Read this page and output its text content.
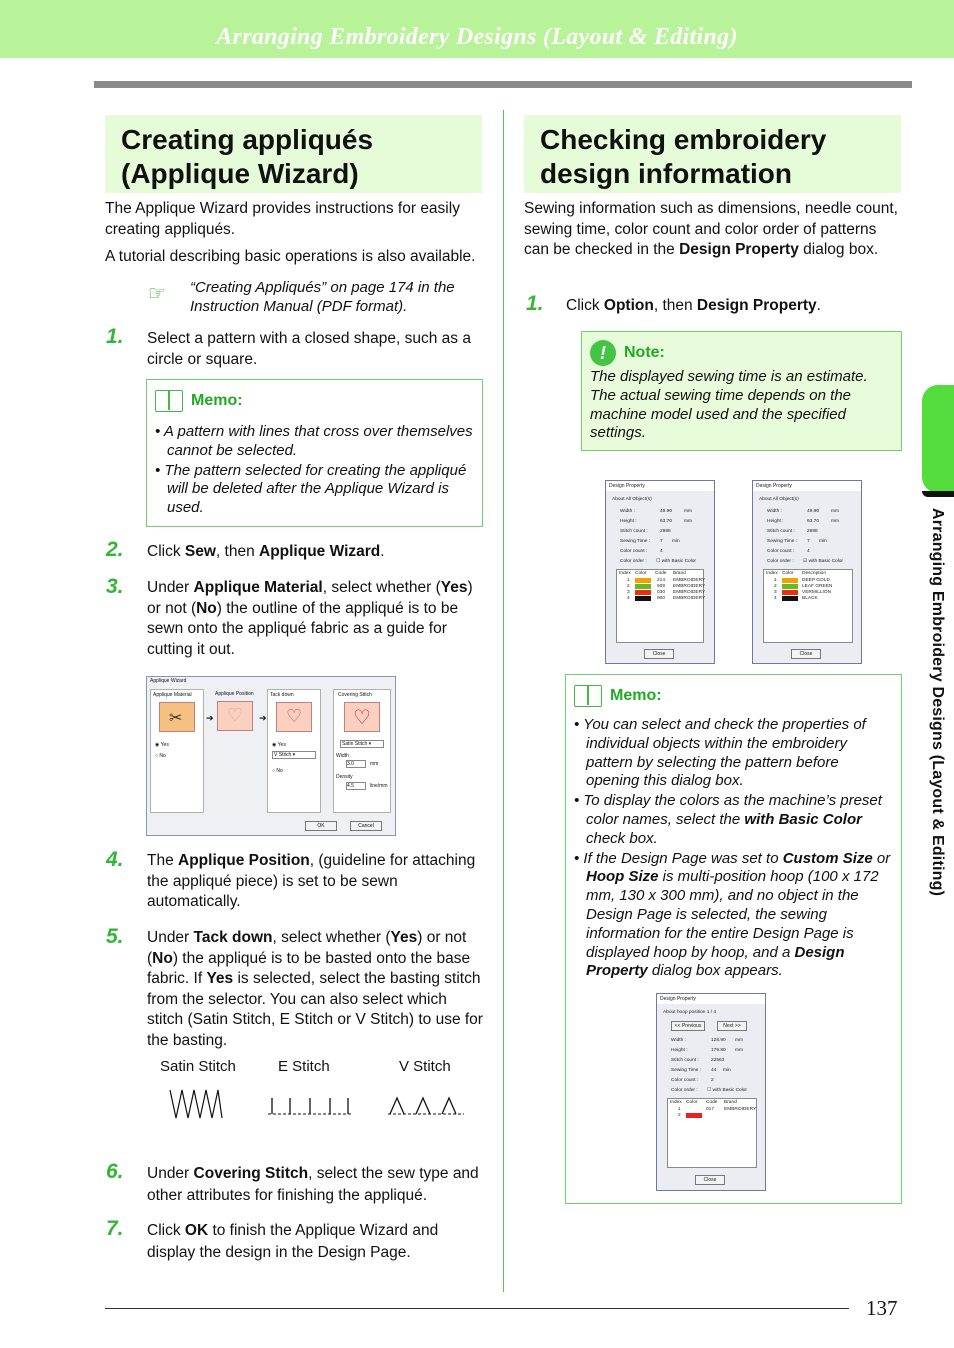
Arranging Embroidery Designs (Layout & Editing)
Arranging Embroidery Designs (Layout & Editing)
Creating appliqués
(Applique Wizard)
The Applique Wizard provides instructions for easily creating appliqués.
A tutorial describing basic operations is also available.
☞ “Creating Appliqués” on page 174 in the Instruction Manual (PDF format).
1. Select a pattern with a closed shape, such as a circle or square.
Memo:
• A pattern with lines that cross over themselves cannot be selected.
• The pattern selected for creating the appliqué will be deleted after the Applique Wizard is used.
2. Click Sew, then Applique Wizard.
3. Under Applique Material, select whether (Yes) or not (No) the outline of the appliqué is to be sewn onto the appliqué fabric as a guide for cutting it out.
Applique Wizard
Applique Material
✂
◉ Yes
○ No
➔
Applique Position
♡ ➔
Tack down
♡
◉ Yes
V Stitch ▾
○ No
Covering Stitch
♡
Satin Stitch ▾
Width
3.0	mm
Density
4.5	line/mm
OK	Cancel
4. The Applique Position, (guideline for attaching the appliqué piece) is set to be sewn automatically.
5. Under Tack down, select whether (Yes) or not (No) the appliqué is to be basted onto the base fabric. If Yes is selected, select the basting stitch from the selector. You can also select which stitch (Satin Stitch, E Stitch or V Stitch) to use for the basting.
Satin Stitch	E Stitch	V Stitch
6. Under Covering Stitch, select the sew type and other attributes for finishing the appliqué.
7. Click OK to finish the Applique Wizard and display the design in the Design Page.
Checking embroidery
design information
Sewing information such as dimensions, needle count, sewing time, color count and color order of patterns can be checked in the Design Property dialog box.
1. Click Option, then Design Property.
!	Note:
The displayed sewing time is an estimate. The actual sewing time depends on the machine model used and the specified settings.
Design Property
About All Object(s)
Width :	49.90 mm
Height :	63.70 mm
Stitch count :	2988
Sewing Time : 7 min
Color count :	4
Color order : ☐ with Basic Color
Index Color Code Brand
1	214 EMBROIDERY
2	509 EMBROIDERY
3	030 EMBROIDERY
4	900 EMBROIDERY
Close
Design Property
About All Object(s)
Width :	49.90 mm
Height :	63.70 mm
Stitch count :	2988
Sewing Time : 7 min
Color count :	4
Color order : ☑ with Basic Color
Index Color Description
1	DEEP GOLD
2	LEAF GREEN
3	VERMILLION
4	BLACK
Close
Memo:
• You can select and check the properties of individual objects within the embroidery pattern by selecting the pattern before opening this dialog box.
• To display the colors as the machine’s preset color names, select the with Basic Color check box.
• If the Design Page was set to Custom Size or Hoop Size is multi-position hoop (100 x 172 mm, 130 x 300 mm), and no object in the Design Page is selected, the sewing information for the entire Design Page is displayed hoop by hoop, and a Design Property dialog box appears.
Design Property
About hoop position 1 / 4
<< Previous	Next >>
Width :	128.90 mm
Height :	179.80 mm
Stitch count :	22563
Sewing Time : 44 min
Color count :	2
Color order : ☐ with Basic Color
Index Color Code Brand
1	017 EMBROIDERY
2
Close
137
